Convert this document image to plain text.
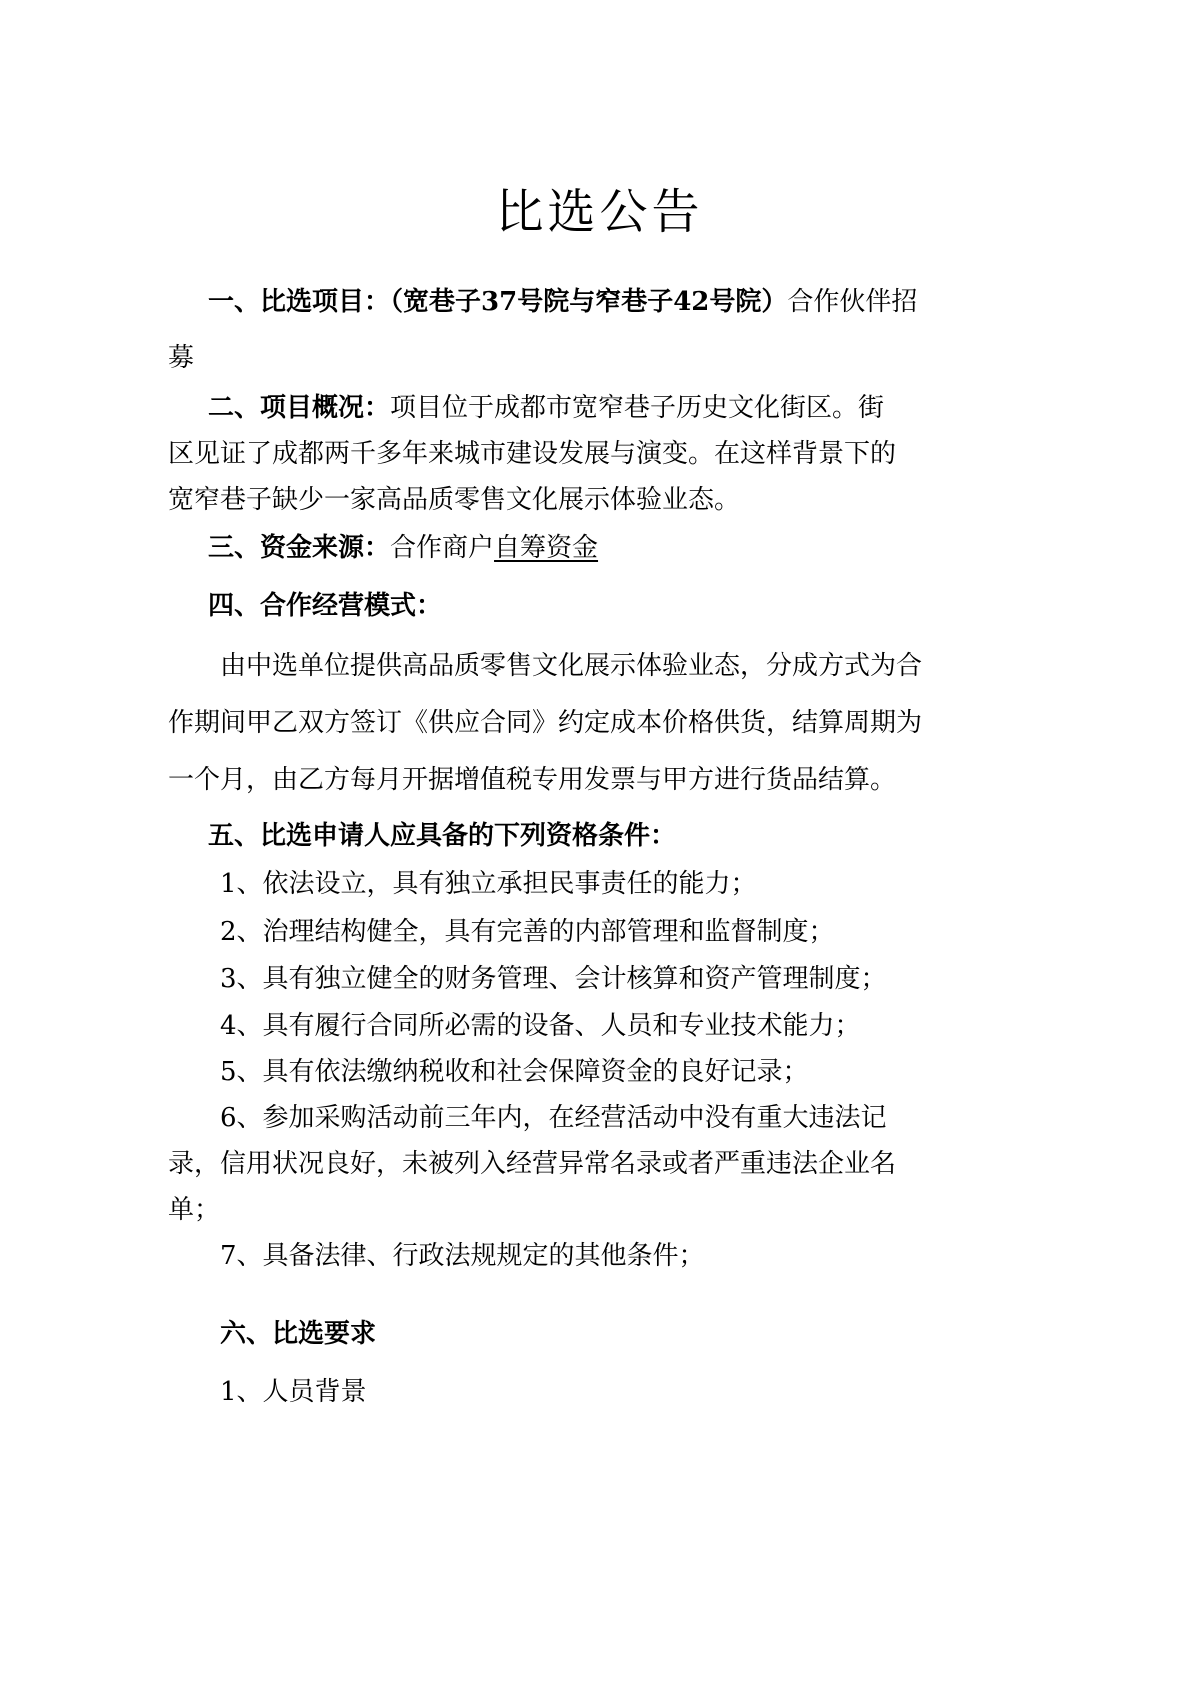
比选公告

一、比选项目：（宽巷子37号院与窄巷子42号院）合作伙伴招

募

二、项目概况：项目位于成都市宽窄巷子历史文化街区。街

区见证了成都两千多年来城市建设发展与演变。在这样背景下的

宽窄巷子缺少一家高品质零售文化展示体验业态。

三、资金来源：合作商户自筹资金

四、合作经营模式：

由中选单位提供高品质零售文化展示体验业态，分成方式为合

作期间甲乙双方签订《供应合同》约定成本价格供货，结算周期为

一个月，由乙方每月开据增值税专用发票与甲方进行货品结算。

五、比选申请人应具备的下列资格条件：

1、依法设立，具有独立承担民事责任的能力；

2、治理结构健全，具有完善的内部管理和监督制度；

3、具有独立健全的财务管理、会计核算和资产管理制度；

4、具有履行合同所必需的设备、人员和专业技术能力；

5、具有依法缴纳税收和社会保障资金的良好记录；

6、参加采购活动前三年内，在经营活动中没有重大违法记

录，信用状况良好，未被列入经营异常名录或者严重违法企业名

单；

7、具备法律、行政法规规定的其他条件；

六、比选要求

1、人员背景
